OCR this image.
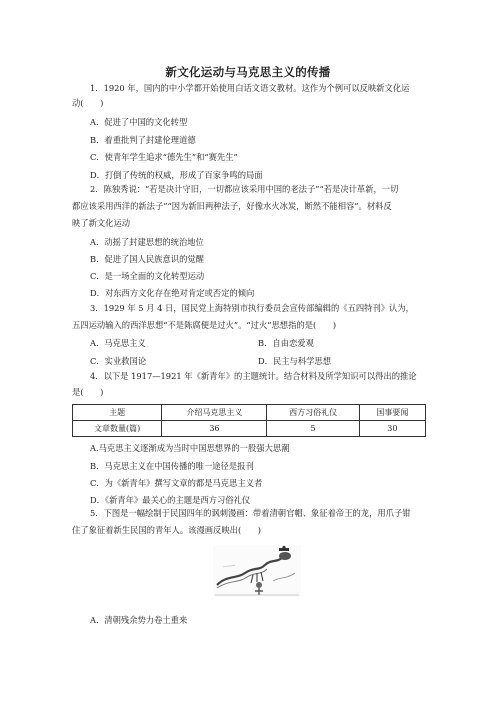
新文化运动与马克思主义的传播
1．1920 年，国内的中小学都开始使用白话文语文教材。这作为个例可以反映新文化运
动(　　)
A．促进了中国的文化转型
B．着重批判了封建伦理道德
C．使青年学生追求“德先生”和“赛先生”
D．打倒了传统的权威，形成了百家争鸣的局面
2．陈独秀说：“若是决计守旧，一切都应该采用中国的老法子”“若是决计革新，一切
都应该采用西洋的新法子”“因为新旧两种法子，好像水火冰炭，断然不能相容”。材料反
映了新文化运动
A．动摇了封建思想的统治地位
B．促进了国人民族意识的觉醒
C．是一场全面的文化转型运动
D．对东西方文化存在绝对肯定或否定的倾向
3．1929 年 5 月 4 日，国民党上海特别市执行委员会宣传部编辑的《五四特刊》认为，
五四运动输入的西洋思想“不是陈腐便是过火”。“过火”思想指的是(　　)
A．马克思主义	B．自由恋爱观
C．实业救国论	D．民主与科学思想
4．以下是 1917—1921 年《新青年》的主题统计。结合材料及所学知识可以得出的推论
是(　　)
主题	介绍马克思主义	西方习俗礼仪	国事要闻
文章数量(篇)	36	5	30
A.马克思主义逐渐成为当时中国思想界的一股强大思潮
B．马克思主义在中国传播的唯一途径是报刊
C．为《新青年》撰写文章的都是马克思主义者
D．《新青年》最关心的主题是西方习俗礼仪
5．下图是一幅绘制于民国四年的讽刺漫画：带着清朝官帽、象征着帝王的龙，用爪子钳
住了象征着新生民国的青年人。该漫画反映出(　　)
A．清朝残余势力卷土重来
